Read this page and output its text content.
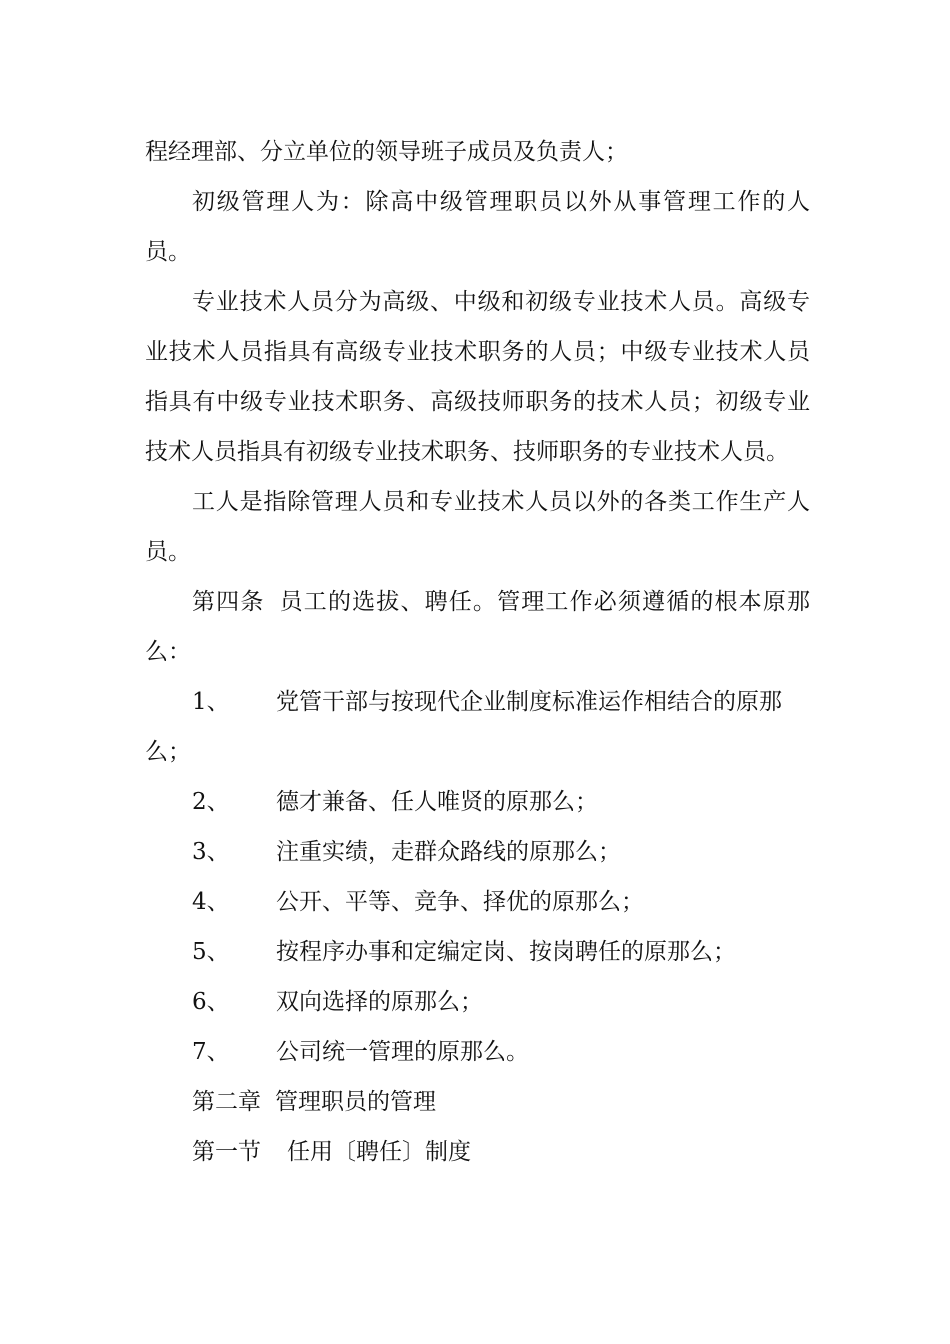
程经理部、分立单位的领导班子成员及负责人；

初级管理人为：除高中级管理职员以外从事管理工作的人员。

专业技术人员分为高级、中级和初级专业技术人员。高级专业技术人员指具有高级专业技术职务的人员；中级专业技术人员指具有中级专业技术职务、高级技师职务的技术人员；初级专业技术人员指具有初级专业技术职务、技师职务的专业技术人员。

工人是指除管理人员和专业技术人员以外的各类工作生产人员。

第四条 员工的选拔、聘任。管理工作必须遵循的根本原那么：

1、 党管干部与按现代企业制度标准运作相结合的原那么；

2、 德才兼备、任人唯贤的原那么；

3、 注重实绩，走群众路线的原那么；

4、 公开、平等、竞争、择优的原那么；

5、 按程序办事和定编定岗、按岗聘任的原那么；

6、 双向选择的原那么；

7、 公司统一管理的原那么。

第二章 管理职员的管理

第一节 任用〔聘任〕制度
